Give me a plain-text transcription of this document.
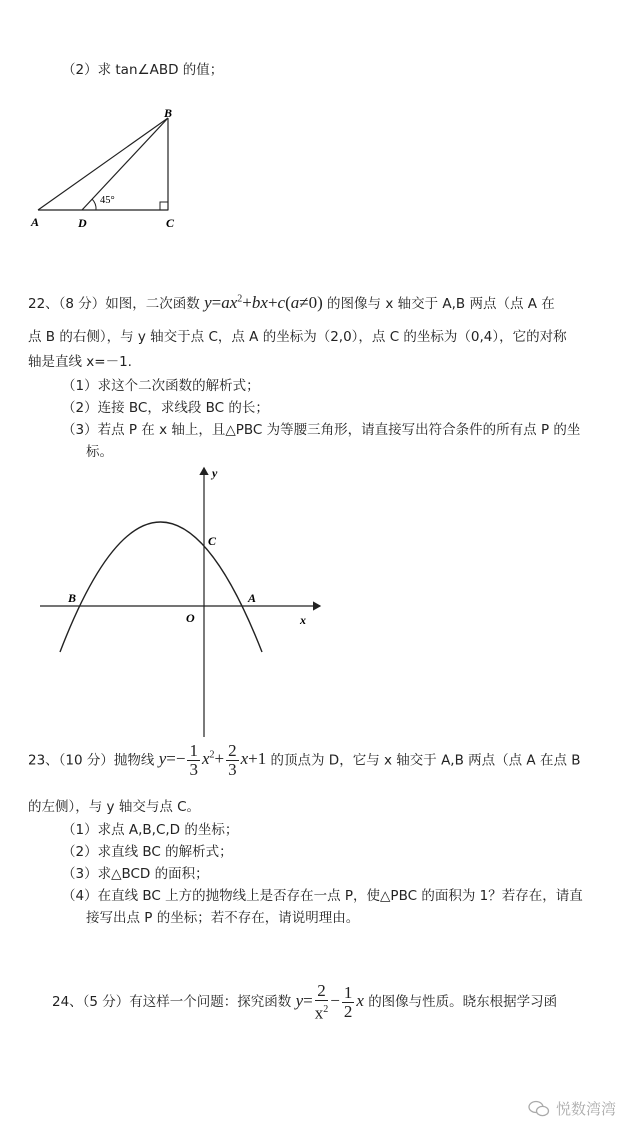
（2）求 tan∠ABD 的值；
B
A	D	C
45°
22、（8 分）如图，二次函数 $y=ax^2+bx+c(a\ne 0)$ 的图像与 x 轴交于 A,B 两点（点 A 在
点 B 的右侧），与 y 轴交于点 C，点 A 的坐标为（2,0），点 C 的坐标为（0,4），它的对称
轴是直线 x=－1.
（1）求这个二次函数的解析式；
（2）连接 BC，求线段 BC 的长；
（3）若点 P 在 x 轴上，且△PBC 为等腰三角形，请直接写出符合条件的所有点 P 的坐
标。
y
x
C
B
O
A
23、（10 分）抛物线 $y=- \frac{1}{3} x^2+ \frac{2}{3} x+1$ 的顶点为 D，它与 x 轴交于 A,B 两点（点 A 在点 B
的左侧），与 y 轴交与点 C。
（1）求点 A,B,C,D 的坐标；
（2）求直线 BC 的解析式；
（3）求△BCD 的面积；
（4）在直线 BC 上方的抛物线上是否存在一点 P，使△PBC 的面积为 1？若存在，请直
接写出点 P 的坐标；若不存在，请说明理由。
24、（5 分）有这样一个问题：探究函数 $y= \frac{2}{x^2} - \frac{1}{2}$ x 的图像与性质。晓东根据学习函
悦数湾湾
